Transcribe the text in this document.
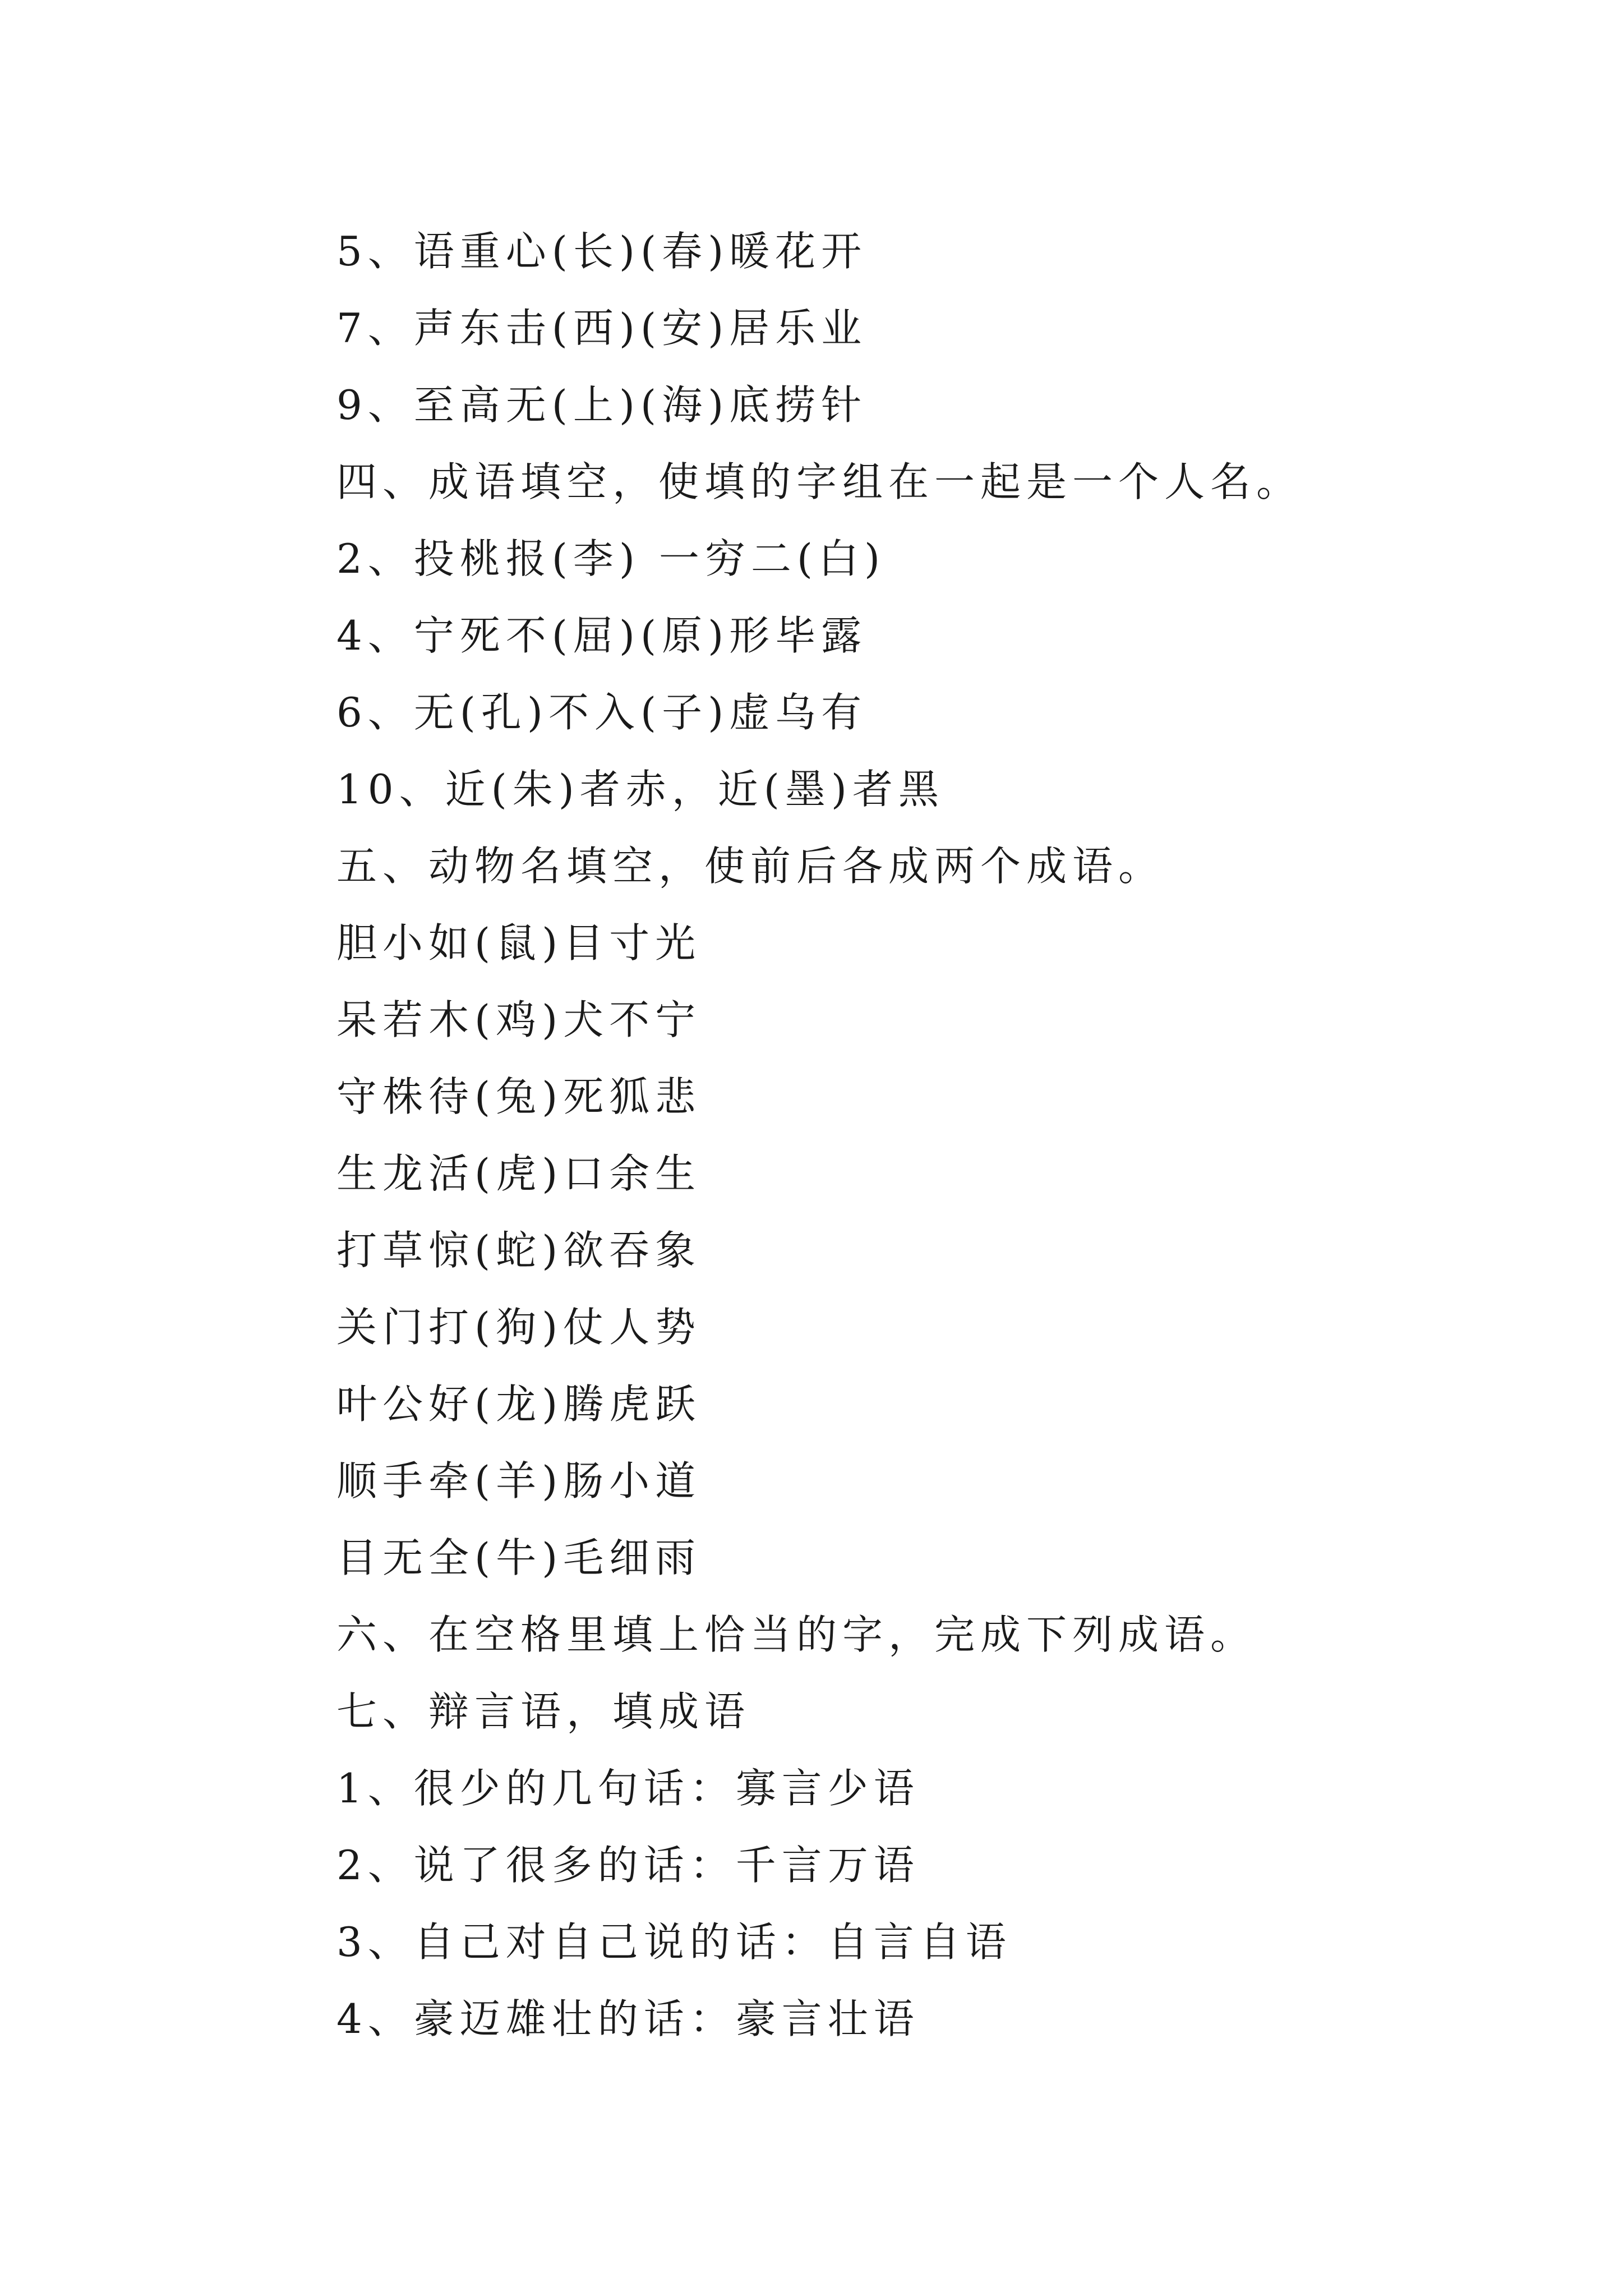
5、语重心(长)(春)暖花开

7、声东击(西)(安)居乐业

9、至高无(上)(海)底捞针

四、成语填空，使填的字组在一起是一个人名。

2、投桃报(李) 一穷二(白)

4、宁死不(屈)(原)形毕露

6、无(孔)不入(子)虚乌有

10、近(朱)者赤，近(墨)者黑

五、动物名填空，使前后各成两个成语。

胆小如(鼠)目寸光

呆若木(鸡)犬不宁

守株待(兔)死狐悲

生龙活(虎)口余生

打草惊(蛇)欲吞象

关门打(狗)仗人势

叶公好(龙)腾虎跃

顺手牵(羊)肠小道

目无全(牛)毛细雨

六、在空格里填上恰当的字，完成下列成语。

七、辩言语，填成语

1、很少的几句话：寡言少语

2、说了很多的话：千言万语

3、自己对自己说的话：自言自语

4、豪迈雄壮的话：豪言壮语
